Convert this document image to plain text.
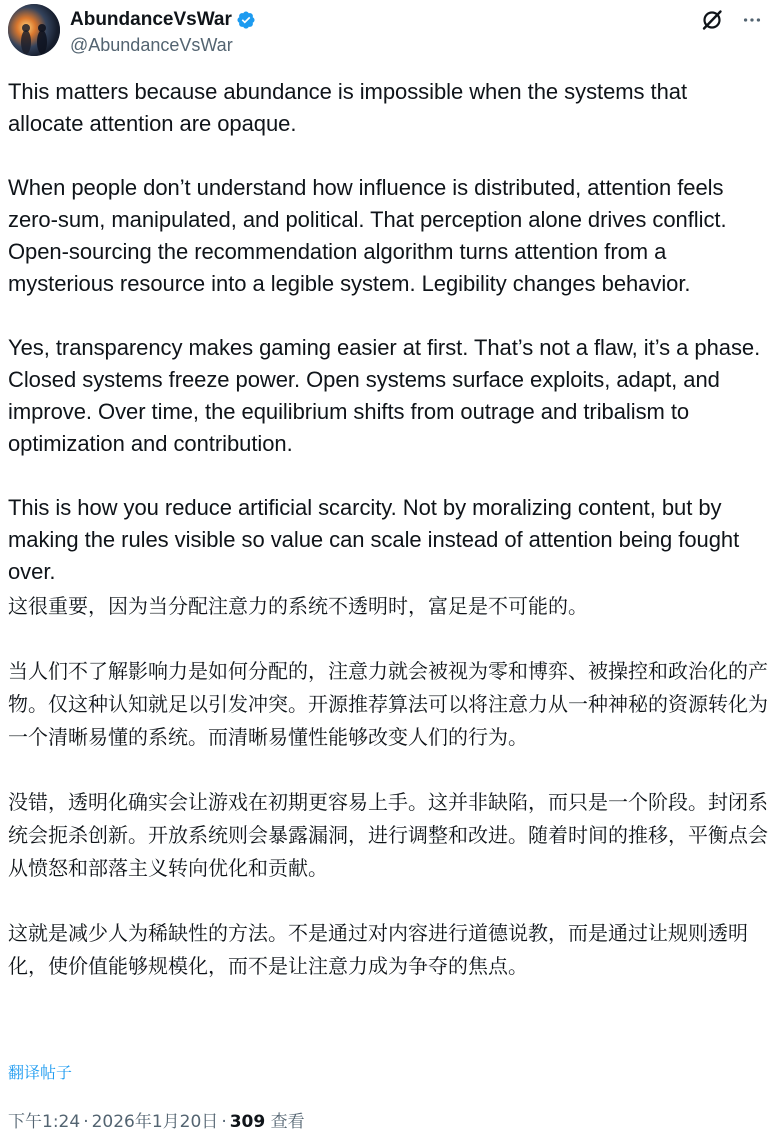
AbundanceVsWar
@AbundanceVsWar

This matters because abundance is impossible when the systems that allocate attention are opaque.

When people don’t understand how influence is distributed, attention feels zero-sum, manipulated, and political. That perception alone drives conflict. Open-sourcing the recommendation algorithm turns attention from a mysterious resource into a legible system. Legibility changes behavior.

Yes, transparency makes gaming easier at first. That’s not a flaw, it’s a phase. Closed systems freeze power. Open systems surface exploits, adapt, and improve. Over time, the equilibrium shifts from outrage and tribalism to optimization and contribution.

This is how you reduce artificial scarcity. Not by moralizing content, but by making the rules visible so value can scale instead of attention being fought over.

这很重要，因为当分配注意力的系统不透明时，富足是不可能的。

当人们不了解影响力是如何分配的，注意力就会被视为零和博弈、被操控和政治化的产物。仅这种认知就足以引发冲突。开源推荐算法可以将注意力从一种神秘的资源转化为一个清晰易懂的系统。而清晰易懂性能够改变人们的行为。

没错，透明化确实会让游戏在初期更容易上手。这并非缺陷，而只是一个阶段。封闭系统会扼杀创新。开放系统则会暴露漏洞，进行调整和改进。随着时间的推移，平衡点会从愤怒和部落主义转向优化和贡献。

这就是减少人为稀缺性的方法。不是通过对内容进行道德说教，而是通过让规则透明化，使价值能够规模化，而不是让注意力成为争夺的焦点。

翻译帖子
下午1:24 · 2026年1月20日 · 309 查看
